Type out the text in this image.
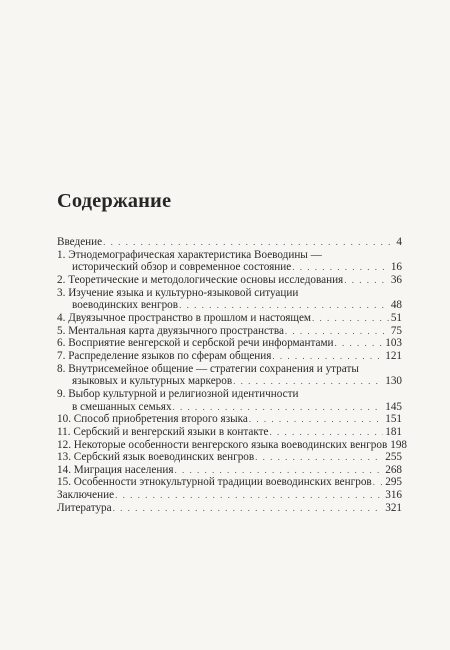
Содержание
Введение . . .	4
1. Этнодемографическая характеристика Воеводины —
исторический обзор и современное состояние . . .	16
2. Теоретические и методологические основы исследования . . .	36
3. Изучение языка и культурно-языковой ситуации
воеводинских венгров . . .	48
4. Двуязычное пространство в прошлом и настоящем . . .	51
5. Ментальная карта двуязычного пространства . . .	75
6. Восприятие венгерской и сербской речи информантами . . .	103
7. Распределение языков по сферам общения . . .	121
8. Внутрисемейное общение — стратегии сохранения и утраты
языковых и культурных маркеров . . .	130
9. Выбор культурной и религиозной идентичности
в смешанных семьях . . .	145
10. Способ приобретения второго языка . . .	151
11. Сербский и венгерский языки в контакте . . .	181
12. Некоторые особенности венгерского языка воеводинских венгров 198
13. Сербский язык воеводинских венгров . . .	255
14. Миграция населения . . .	268
15. Особенности этнокультурной традиции воеводинских венгров . . . 295
Заключение . . .	316
Литература . . .	321
